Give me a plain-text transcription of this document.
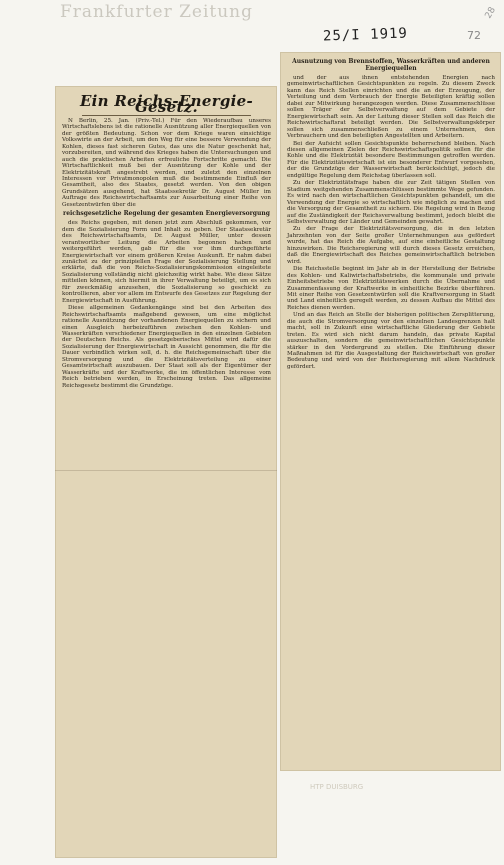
Frankfurter Zeitung
25/I 1919	72
28
Ein Reichs-Energie-Gesetz.

N Berlin, 25. Jan. (Priv.-Tel.) Für den Wiederaufbau unseres Wirtschaftslebens ist die rationelle Ausnützung aller Energiequellen von der größten Bedeutung. Schon vor dem Kriege waren einsichtige Volkswirte an der Arbeit, um den Weg für eine bessere Verwendung der Kohlen, dieses fast sicheren Gutes, das uns die Natur geschenkt hat, vorzubereiten, und während des Krieges haben die Untersuchungen und auch die praktischen Arbeiten erfreuliche Fortschritte gemacht. Die Wirtschaftlichkeit muß bei der Ausnützung der Kohle und der Elektrizitätskraft angestrebt werden, und zuletzt den einzelnen Interessen vor Privatmonopolen muß die bestimmende Einfluß der Gesamtheit, also des Staates, gesetzt werden. Von den obigen Grundsätzen ausgehend, hat Staatssekretär Dr. August Müller im Auftrage des Reichswirtschaftsamts zur Ausarbeitung einer Reihe von Gesetzentwürfen über die

reichsgesetzliche Regelung der gesamten Energieversorgung

des Reichs gegeben, mit denen jetzt zum Abschluß gekommen, vor dem die Sozialisierung Form und Inhalt zu geben. Der Staatssekretär des Reichswirtschaftsamts, Dr. August Müller, unter dessen verantwortlicher Leitung die Arbeiten begonnen haben und weitergeführt werden, gab für die vor ihm durchgeführte Energiewirtschaft vor einem größeren Kreise Auskunft. Er nahm dabei zunächst zu der prinzipiellen Frage der Sozialisierung Stellung und erklärte, daß die von Reichs-Sozialisierungskommission eingeleitete Sozialisierung vollständig nicht gleichzeitig wirkt habe. Wie diese Sätze mitteilen können, sich hiermit in ihrer Verwaltung beteiligt, um es sich für zweckmäßig anzusehen, die Sozialisierung so geschickt zu kontrollieren, aber vor allem im Entwurfe des Gesetzes zur Regelung der Energiewirtschaft in Ausführung.

Diese allgemeinen Gedankengänge sind bei den Arbeiten des Reichswirtschaftsamts maßgebend gewesen, um eine möglichst rationelle Ausnützung der vorhandenen Energiequellen zu sichern und einen Ausgleich herbeizuführen zwischen den Kohlen- und Wasserkräften verschiedener Energiequellen in den einzelnen Gebieten der Deutschen Reichs. Als gesetzgeberisches Mittel wird dafür die Sozialisierung der Energiewirtschaft in Aussicht genommen, die für die Dauer verbindlich wirken soll, d. h. die Reichsgemeinschaft über die Stromversorgung und die Elektrizitätsverteilung zu einer Gesamtwirtschaft auszubauen. Der Staat soll als der Eigentümer der Wasserkräfte und der Kraftwerke, die im öffentlichen Interesse vom Reich betrieben werden, in Erscheinung treten. Das allgemeine Reichsgesetz bestimmt die Grundzüge.

Ausnutzung von Brennstoffen, Wasserkräften und anderen Energiequellen

und der aus ihnen entstehenden Energien nach gemeinwirtschaftlichen Gesichtspunkten zu regeln. Zu diesem Zweck kann das Reich Stellen einrichten und die an der Erzeugung, der Verteilung und dem Verbrauch der Energie Beteiligten kräftig sollen dabei zur Mitwirkung herangezogen werden. Diese Zusammenschlüsse sollen Träger der Selbstverwaltung auf dem Gebiete der Energiewirtschaft sein. An der Leitung dieser Stellen soll das Reich die Reichswirtschaftsrat beteiligt werden. Die Selbstverwaltungskörper sollen sich zusammenschließen zu einem Unternehmen, den Verbrauchern und den beteiligten Angestellten und Arbeitern.

Bei der Aufsicht sollen Gesichtspunkte beherrschend bleiben. Nach diesen allgemeinen Zielen der Reichswirtschaftspolitik sollen für die Kohle und die Elektrizität besondere Bestimmungen getroffen werden. Für die Elektrizitätswirtschaft ist ein besonderer Entwurf vorgesehen, der die Grundzüge der Wasserwirtschaft berücksichtigt, jedoch die endgültige Regelung dem Reichstag überlassen soll.

Zu der Elektrizitätsfrage haben die zur Zeit tätigen Stellen von Stadium weitgehenden Zusammenschlüssen bestimmte Wege gefunden. Es wird nach den wirtschaftlichen Gesichtspunkten gehandelt, um die Verwendung der Energie so wirtschaftlich wie möglich zu machen und die Versorgung der Gesamtheit zu sichern. Die Regelung wird in Bezug auf die Zuständigkeit der Reichsverwaltung bestimmt, jedoch bleibt die Selbstverwaltung der Länder und Gemeinden gewahrt.

Zu der Frage der Elektrizitätsversorgung, die in den letzten Jahrzehnten von der Seite großer Unternehmungen aus gefördert wurde, hat das Reich die Aufgabe, auf eine einheitliche Gestaltung hinzuwirken. Die Reichsregierung will durch dieses Gesetz erreichen, daß die Energiewirtschaft des Reiches gemeinwirtschaftlich betrieben wird.

Die Reichsstelle beginnt im Jahr ab in der Herstellung der Betriebe des Kohlen- und Kaliwirtschaftsbetriebs, die kommunale und private Einheitsbetriebe von Elektrizitätswerken durch die Übernahme und Zusammenfassung der Kraftwerke in einheitliche Bezirke überführen. Mit einer Reihe von Gesetzentwürfen soll die Kraftversorgung in Stadt und Land einheitlich geregelt werden, zu dessen Aufbau die Mittel des Reiches dienen werden.

Und an das Reich an Stelle der bisherigen politischen Zersplitterung, die auch die Stromversorgung vor den einzelnen Landesgrenzen halt macht, soll in Zukunft eine wirtschaftliche Gliederung der Gebiete treten. Es wird sich nicht darum handeln, das private Kapital auszuschalten, sondern die gemeinwirtschaftlichen Gesichtspunkte stärker in den Vordergrund zu stellen. Die Einführung dieser Maßnahmen ist für die Ausgestaltung der Reichswirtschaft von großer Bedeutung und wird von der Reichsregierung mit allem Nachdruck gefördert.

HTP DUISBURG
